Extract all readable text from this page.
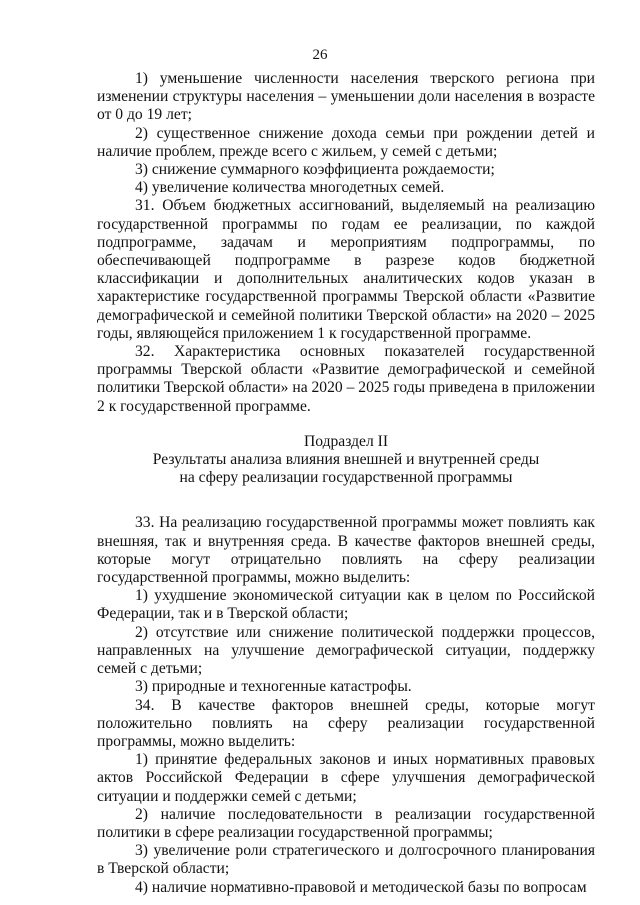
26

1) уменьшение численности населения тверского региона при изменении структуры населения – уменьшении доли населения в возрасте от 0 до 19 лет;

2) существенное снижение дохода семьи при рождении детей и наличие проблем, прежде всего с жильем, у семей с детьми;

3) снижение суммарного коэффициента рождаемости;

4) увеличение количества многодетных семей.

31. Объем бюджетных ассигнований, выделяемый на реализацию государственной программы по годам ее реализации, по каждой подпрограмме, задачам и мероприятиям подпрограммы, по обеспечивающей подпрограмме в разрезе кодов бюджетной классификации и дополнительных аналитических кодов указан в характеристике государственной программы Тверской области «Развитие демографической и семейной политики Тверской области» на 2020 – 2025 годы, являющейся приложением 1 к государственной программе.

32. Характеристика основных показателей государственной программы Тверской области «Развитие демографической и семейной политики Тверской области» на 2020 – 2025 годы приведена в приложении 2 к государственной программе.

Подраздел II

Результаты анализа влияния внешней и внутренней среды

на сферу реализации государственной программы

33. На реализацию государственной программы может повлиять как внешняя, так и внутренняя среда. В качестве факторов внешней среды, которые могут отрицательно повлиять на сферу реализации государственной программы, можно выделить:

1) ухудшение экономической ситуации как в целом по Российской Федерации, так и в Тверской области;

2) отсутствие или снижение политической поддержки процессов, направленных на улучшение демографической ситуации, поддержку семей с детьми;

3) природные и техногенные катастрофы.

34. В качестве факторов внешней среды, которые могут положительно повлиять на сферу реализации государственной программы, можно выделить:

1) принятие федеральных законов и иных нормативных правовых актов Российской Федерации в сфере улучшения демографической ситуации и поддержки семей с детьми;

2) наличие последовательности в реализации государственной политики в сфере реализации государственной программы;

3) увеличение роли стратегического и долгосрочного планирования в Тверской области;

4) наличие нормативно-правовой и методической базы по вопросам
